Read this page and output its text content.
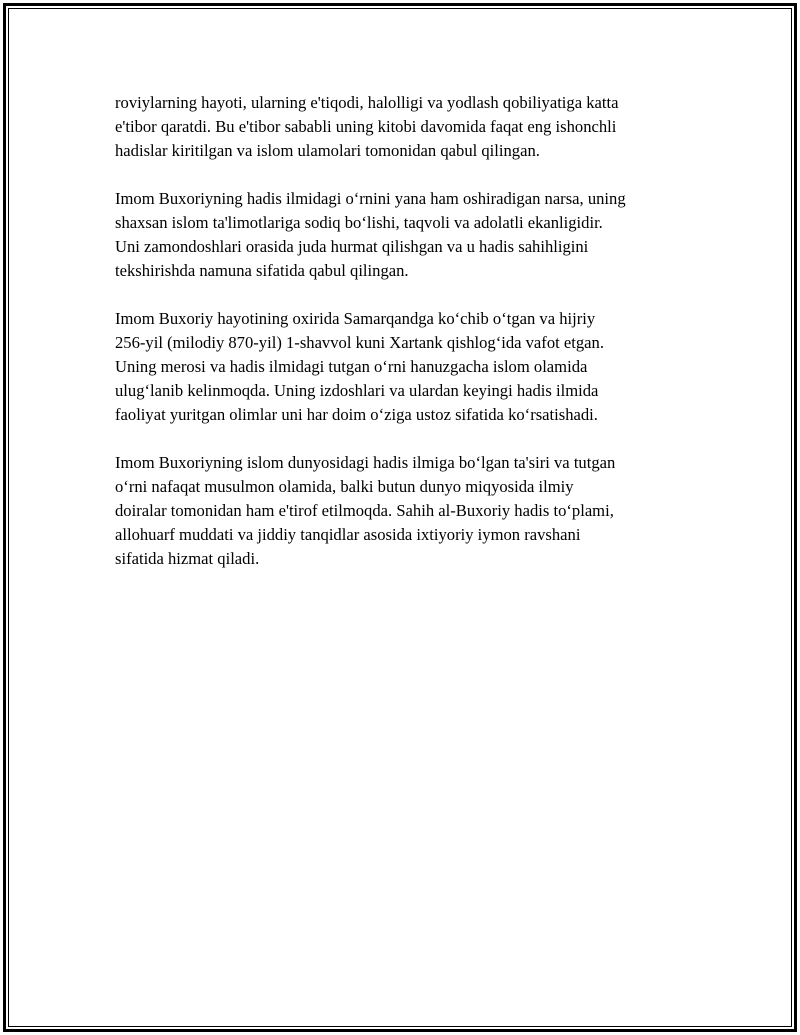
roviylarning hayoti, ularning e'tiqodi, halolligi va yodlash qobiliyatiga katta
e'tibor qaratdi. Bu e'tibor sababli uning kitobi davomida faqat eng ishonchli
hadislar kiritilgan va islom ulamolari tomonidan qabul qilingan.

Imom Buxoriyning hadis ilmidagi o‘rnini yana ham oshiradigan narsa, uning
shaxsan islom ta'limotlariga sodiq bo‘lishi, taqvoli va adolatli ekanligidir.
Uni zamondoshlari orasida juda hurmat qilishgan va u hadis sahihligini
tekshirishda namuna sifatida qabul qilingan.

Imom Buxoriy hayotining oxirida Samarqandga ko‘chib o‘tgan va hijriy
256-yil (milodiy 870-yil) 1-shavvol kuni Xartank qishlog‘ida vafot etgan.
Uning merosi va hadis ilmidagi tutgan o‘rni hanuzgacha islom olamida
ulug‘lanib kelinmoqda. Uning izdoshlari va ulardan keyingi hadis ilmida
faoliyat yuritgan olimlar uni har doim o‘ziga ustoz sifatida ko‘rsatishadi.

Imom Buxoriyning islom dunyosidagi hadis ilmiga bo‘lgan ta'siri va tutgan
o‘rni nafaqat musulmon olamida, balki butun dunyo miqyosida ilmiy
doiralar tomonidan ham e'tirof etilmoqda. Sahih al-Buxoriy hadis to‘plami,
allohuarf muddati va jiddiy tanqidlar asosida ixtiyoriy iymon ravshani
sifatida hizmat qiladi.
